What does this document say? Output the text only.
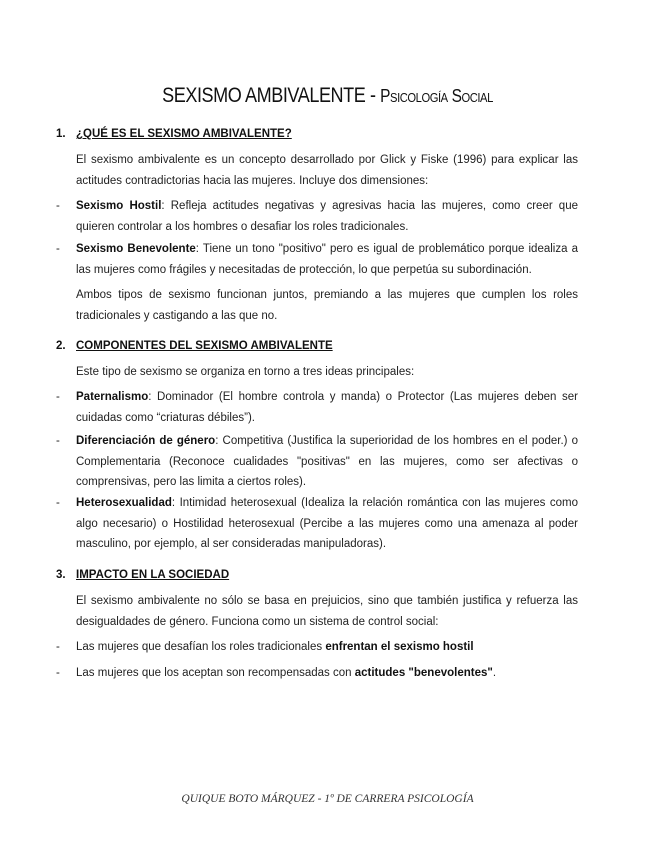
SEXISMO AMBIVALENTE - Psicología Social
1. ¿QUÉ ES EL SEXISMO AMBIVALENTE?
El sexismo ambivalente es un concepto desarrollado por Glick y Fiske (1996) para explicar las actitudes contradictorias hacia las mujeres. Incluye dos dimensiones:
- Sexismo Hostil: Refleja actitudes negativas y agresivas hacia las mujeres, como creer que quieren controlar a los hombres o desafiar los roles tradicionales.
- Sexismo Benevolente: Tiene un tono "positivo" pero es igual de problemático porque idealiza a las mujeres como frágiles y necesitadas de protección, lo que perpetúa su subordinación.
Ambos tipos de sexismo funcionan juntos, premiando a las mujeres que cumplen los roles tradicionales y castigando a las que no.
2. COMPONENTES DEL SEXISMO AMBIVALENTE
Este tipo de sexismo se organiza en torno a tres ideas principales:
- Paternalismo: Dominador (El hombre controla y manda) o Protector (Las mujeres deben ser cuidadas como “criaturas débiles”).
- Diferenciación de género: Competitiva (Justifica la superioridad de los hombres en el poder.) o Complementaria (Reconoce cualidades "positivas" en las mujeres, como ser afectivas o comprensivas, pero las limita a ciertos roles).
- Heterosexualidad: Intimidad heterosexual (Idealiza la relación romántica con las mujeres como algo necesario) o Hostilidad heterosexual (Percibe a las mujeres como una amenaza al poder masculino, por ejemplo, al ser consideradas manipuladoras).
3. IMPACTO EN LA SOCIEDAD
El sexismo ambivalente no sólo se basa en prejuicios, sino que también justifica y refuerza las desigualdades de género. Funciona como un sistema de control social:
- Las mujeres que desafían los roles tradicionales enfrentan el sexismo hostil
- Las mujeres que los aceptan son recompensadas con actitudes "benevolentes".
QUIQUE BOTO MÁRQUEZ - 1º DE CARRERA PSICOLOGÍA
